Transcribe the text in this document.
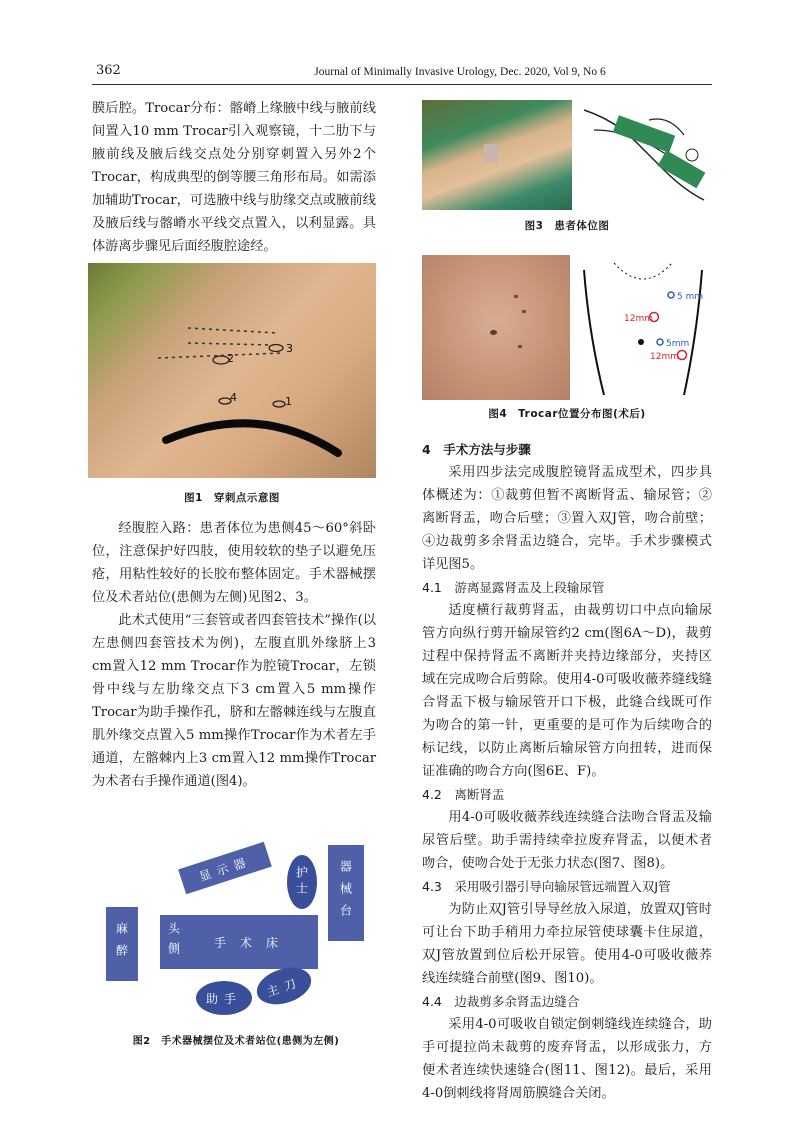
362	Journal of Minimally Invasive Urology, Dec. 2020, Vol 9, No 6

膜后腔。Trocar分布：髂嵴上缘腋中线与腋前线间置入10 mm Trocar引入观察镜，十二肋下与腋前线及腋后线交点处分别穿刺置入另外2个Trocar，构成典型的倒等腰三角形布局。如需添加辅助Trocar，可选腋中线与肋缘交点或腋前线及腋后线与髂嵴水平线交点置入，以利显露。具体游离步骤见后面经腹腔途经。

3
2
4	1
图1　穿刺点示意图

经腹腔入路：患者体位为患侧45～60°斜卧位，注意保护好四肢，使用较软的垫子以避免压疮，用粘性较好的长胶布整体固定。手术器械摆位及术者站位(患侧为左侧)见图2、3。

此术式使用“三套管或者四套管技术”操作(以左患侧四套管技术为例)，左腹直肌外缘脐上3 cm置入12 mm Trocar作为腔镜Trocar，左锁骨中线与左肋缘交点下3 cm置入5 mm操作Trocar为助手操作孔，脐和左髂棘连线与左腹直肌外缘交点置入5 mm操作Trocar作为术者左手通道，左髂棘内上3 cm置入12 mm操作Trocar为术者右手操作通道(图4)。

显示器	护士	器械台
麻醉	头侧	手术床
助手	主刀
图2　手术器械摆位及术者站位(患侧为左侧)
图3　患者体位图
5 mm
12mm
5mm
12mm
图4　Trocar位置分布图(术后)

4　手术方法与步骤

采用四步法完成腹腔镜肾盂成型术，四步具体概述为：①裁剪但暂不离断肾盂、输尿管；②离断肾盂，吻合后壁；③置入双J管，吻合前壁；④边裁剪多余肾盂边缝合，完毕。手术步骤模式详见图5。

4.1　游离显露肾盂及上段输尿管

适度横行裁剪肾盂，由裁剪切口中点向输尿管方向纵行剪开输尿管约2 cm(图6A～D)，裁剪过程中保持肾盂不离断并夹持边缘部分，夹持区域在完成吻合后剪除。使用4-0可吸收薇荞缝线缝合肾盂下极与输尿管开口下极，此缝合线既可作为吻合的第一针，更重要的是可作为后续吻合的标记线，以防止离断后输尿管方向扭转，进而保证准确的吻合方向(图6E、F)。

4.2　离断肾盂

用4-0可吸收薇荞线连续缝合法吻合肾盂及输尿管后壁。助手需持续牵拉废弃肾盂，以便术者吻合，使吻合处于无张力状态(图7、图8)。

4.3　采用吸引器引导向输尿管远端置入双J管

为防止双J管引导导丝放入尿道，放置双J管时可让台下助手稍用力牵拉尿管使球囊卡住尿道，双J管放置到位后松开尿管。使用4-0可吸收薇荞线连续缝合前壁(图9、图10)。

4.4　边裁剪多余肾盂边缝合

采用4-0可吸收自锁定倒刺缝线连续缝合，助手可提拉尚未裁剪的废弃肾盂，以形成张力，方便术者连续快速缝合(图11、图12)。最后，采用4-0倒刺线将肾周筋膜缝合关闭。
